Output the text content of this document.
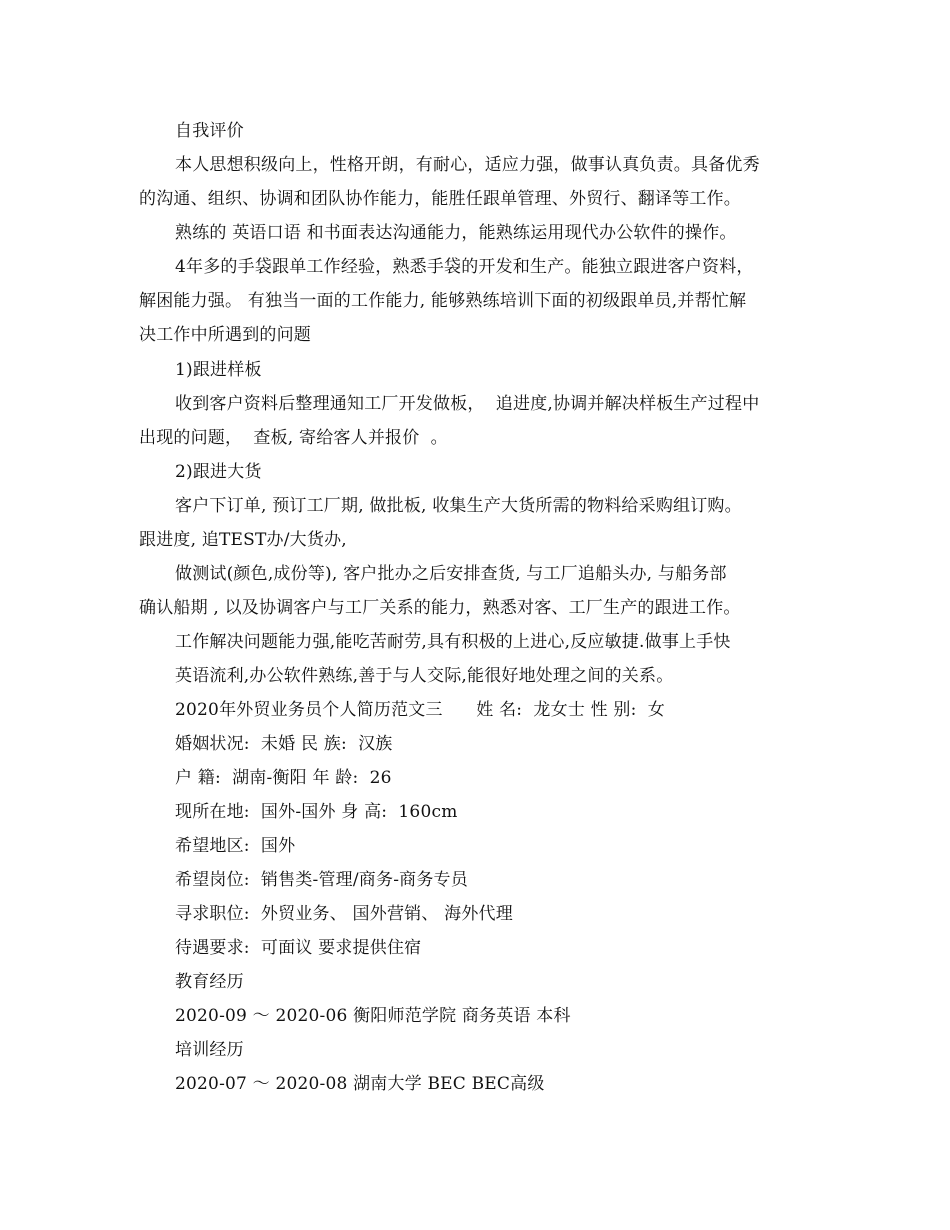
自我评价
本人思想积级向上，性格开朗，有耐心，适应力强，做事认真负责。具备优秀
的沟通、组织、协调和团队协作能力，能胜任跟单管理、外贸行、翻译等工作。
熟练的 英语口语 和书面表达沟通能力，能熟练运用现代办公软件的操作。
4年多的手袋跟单工作经验，熟悉手袋的开发和生产。能独立跟进客户资料，
解困能力强。 有独当一面的工作能力, 能够熟练培训下面的初级跟单员,并帮忙解
决工作中所遇到的问题
1)跟进样板
收到客户资料后整理通知工厂开发做板，  追进度,协调并解决样板生产过程中
出现的问题，  查板, 寄给客人并报价  。
2)跟进大货
客户下订单, 预订工厂期, 做批板, 收集生产大货所需的物料给采购组订购。
跟进度, 追TEST办/大货办,
做测试(颜色,成份等), 客户批办之后安排查货, 与工厂追船头办, 与船务部
确认船期 , 以及协调客户与工厂关系的能力，熟悉对客、工厂生产的跟进工作。
工作解决问题能力强,能吃苦耐劳,具有积极的上进心,反应敏捷.做事上手快
英语流利,办公软件熟练,善于与人交际,能很好地处理之间的关系。
2020年外贸业务员个人简历范文三      姓 名:  龙女士 性 别:  女
婚姻状况:  未婚 民 族:  汉族
户 籍:  湖南-衡阳 年 龄:  26
现所在地:  国外-国外 身 高:  160cm
希望地区:  国外
希望岗位:  销售类-管理/商务-商务专员
寻求职位:  外贸业务、 国外营销、 海外代理
待遇要求:  可面议 要求提供住宿
教育经历
2020-09 ～ 2020-06 衡阳师范学院 商务英语 本科
培训经历
2020-07 ～ 2020-08 湖南大学 BEC BEC高级
